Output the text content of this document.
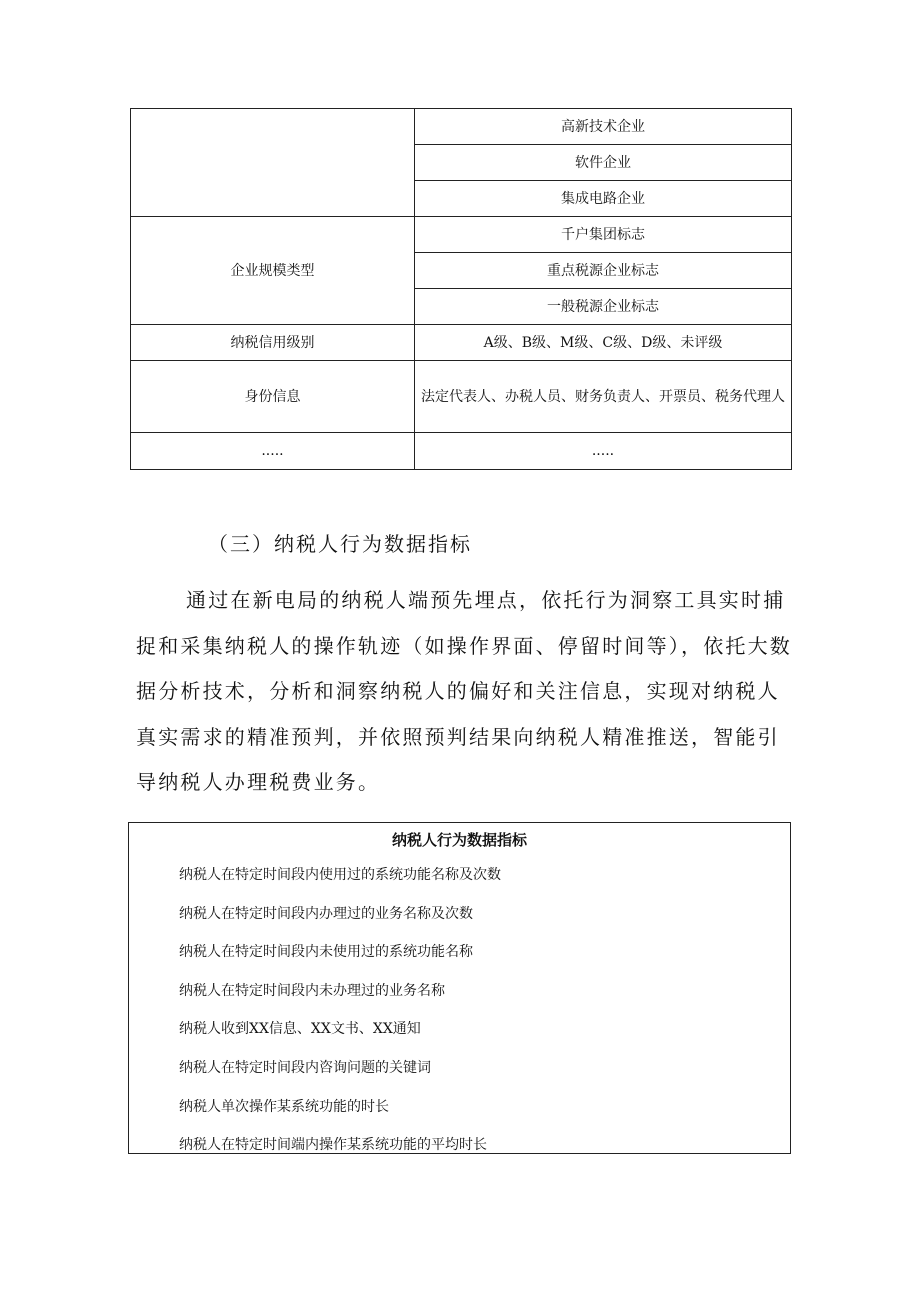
	高新技术企业
	软件企业
	集成电路企业
企业规模类型	千户集团标志
	重点税源企业标志
	一般税源企业标志
纳税信用级别	A级、B级、M级、C级、D级、未评级
身份信息	法定代表人、办税人员、财务负责人、开票员、税务代理人
.....	.....
（三）纳税人行为数据指标

通过在新电局的纳税人端预先埋点，依托行为洞察工具实时捕捉和采集纳税人的操作轨迹（如操作界面、停留时间等），依托大数据分析技术，分析和洞察纳税人的偏好和关注信息，实现对纳税人真实需求的精准预判，并依照预判结果向纳税人精准推送，智能引导纳税人办理税费业务。

纳税人行为数据指标
纳税人在特定时间段内使用过的系统功能名称及次数
纳税人在特定时间段内办理过的业务名称及次数
纳税人在特定时间段内未使用过的系统功能名称
纳税人在特定时间段内未办理过的业务名称
纳税人收到XX信息、XX文书、XX通知
纳税人在特定时间段内咨询问题的关键词
纳税人单次操作某系统功能的时长
纳税人在特定时间端内操作某系统功能的平均时长
